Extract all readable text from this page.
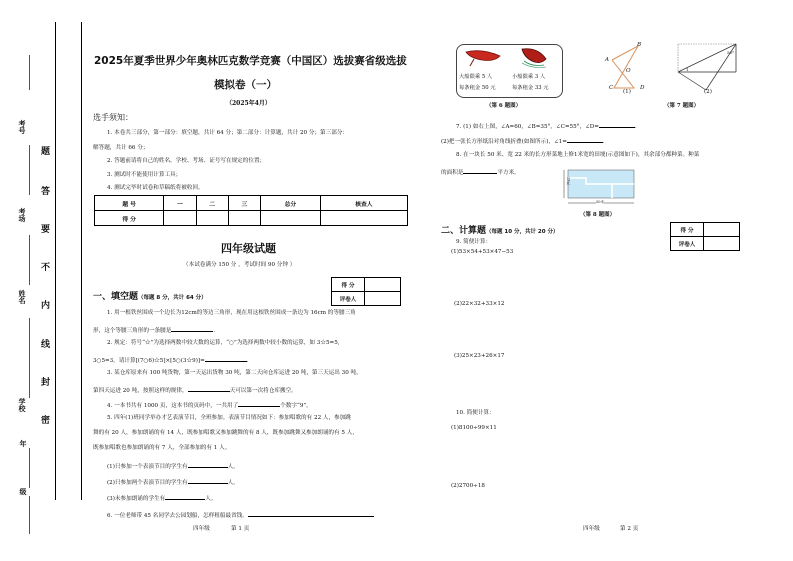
考号
考场
姓名
学校
年
级
题
答
要
不
内
线
封
密
2025年夏季世界少年奥林匹克数学竞赛（中国区）选拔赛省级选拔
模拟卷（一）
（2025年4月）
选手须知：
1. 本卷共三部分，第一部分：填空题，共计 64 分；第二部分：计算题，共计 20 分；第三部分：
解答题，共计 66 分；
2. 答题前请将自己的姓名、学校、考场、证号写在规定的位置；
3. 测试时不能使用计算工具；
4. 测试完毕时试卷和草稿纸将被收回。
题 号	一	二	三	总分	核查人
得 分					
四年级试题
（本试卷满分 150 分 ，考试时间 90 分钟 ）
得 分	
评卷人	
一、填空题（每题 8 分，共计 64 分）
1. 用一根铁丝围成一个边长为12cm的等边三角形，现在用这根铁丝围成一条边为 16cm 的等腰三角
形，这个等腰三角形的一条腰是	.
2. 规定：符号“☆”为选择两数中较大数的运算，“○”为选择两数中较小数的运算，如 3☆5=5,
3○5=3。请计算[(7○6)☆5]×[5○(3☆9)]=	.
3. 某仓库原来有 100 吨货物，第一天运出货物 30 吨，第二天向仓库运进 20 吨，第三天运出 30 吨，
第四天运进 20 吨，按照这样的规律，	天可以第一次将仓库搬空。
4. 一本书共有 1000 页，这本书的页码中，一共用了	个数字“9”。
5. 四年(1)班同学举办才艺表演节目，全班参加。表演节目情况如下：参加唱歌的有 22 人，参加跳
舞的有 20 人，参加朗诵的有 14 人，既参加唱歌又参加跳舞的有 8 人，既参加跳舞又参加朗诵的有 5 人，
既参加唱歌也参加朗诵的有 7 人，全部参加的有 1 人。
(1)只参加一个表演节目的学生有	人。
(2)只参加两个表演节目的学生有	人。
(3)未参加朗诵的学生有	人。
6. 一位老师带 45 名同学去公园划船，怎样租船最省钱。
四年级	第 1 页
大船限乘 5 人
每条租金 50 元
小船限乘 3 人
每条租金 33 元
（第 6 题图）
B
A
O
C	D
(1)
50°
1
(2)
（第 7 题图）
7. (1) 如右上图，∠A=60，∠B=35°，∠C=55°，∠D=	.
(2)把一张长方形纸沿对角线折叠(如图所示)，∠1=	.
8. 在一块长 50 米、宽 22 米的长方形菜地上修1米宽的田埂(示意图如下)，其余部分都种菜。种菜
的面积是	平方米。
22米
50米
（第 8 题图）
得 分	
评卷人	
二、计算题（每题 10 分，共计 20 分）
9. 简便计算：
(1)53×54+53×47−53
(2)22×32+33×12
(3)25×23+26×17
10. 简便计算：
(1)8100÷99×11
(2)2700÷18
四年级	第 2 页
